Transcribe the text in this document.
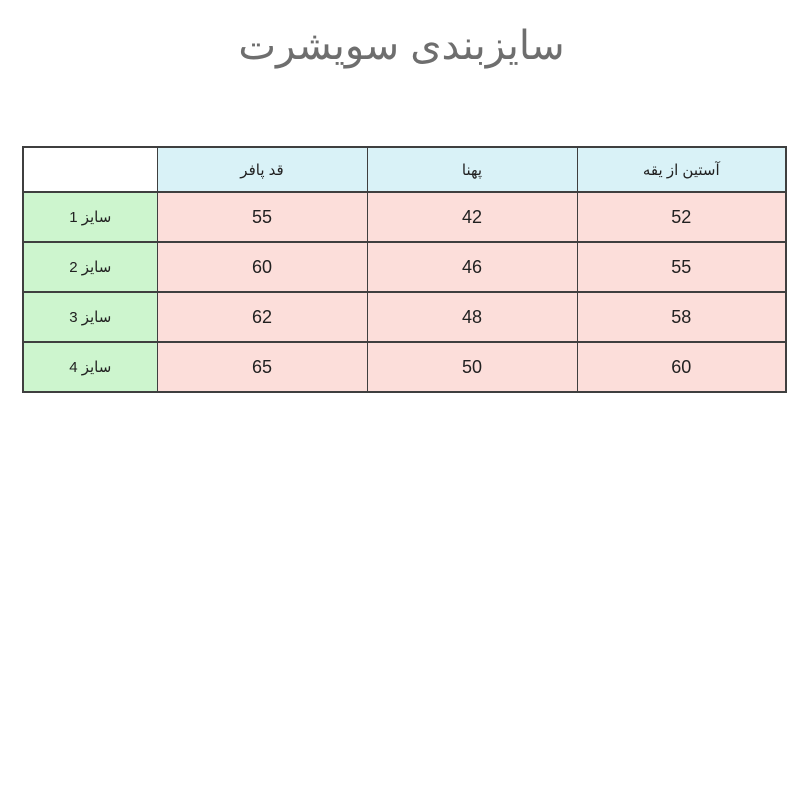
سایزبندی سویشرت
	قد پافر	پهنا	آستین از یقه
سایز 1	55	42	52
سایز 2	60	46	55
سایز 3	62	48	58
سایز 4	65	50	60
